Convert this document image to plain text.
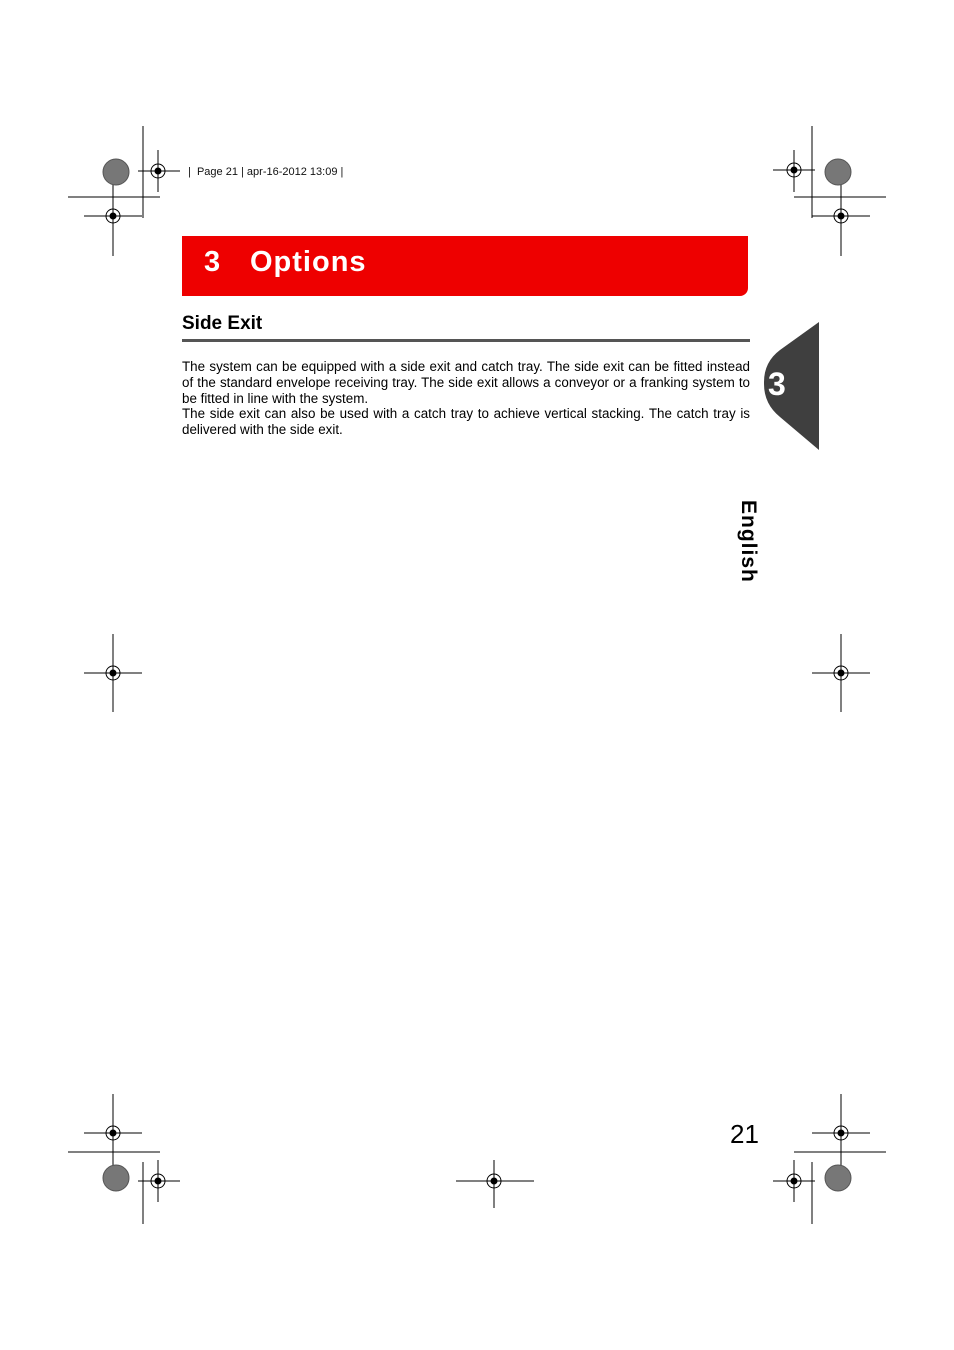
|  Page 21 | apr-16-2012 13:09 |
3 Options
Side Exit

The system can be equipped with a side exit and catch tray. The side exit can be fitted instead of the standard envelope receiving tray. The side exit allows a conveyor or a franking system to be fitted in line with the system.

The side exit can also be used with a catch tray to achieve vertical stacking. The catch tray is delivered with the side exit.

3
English
21
